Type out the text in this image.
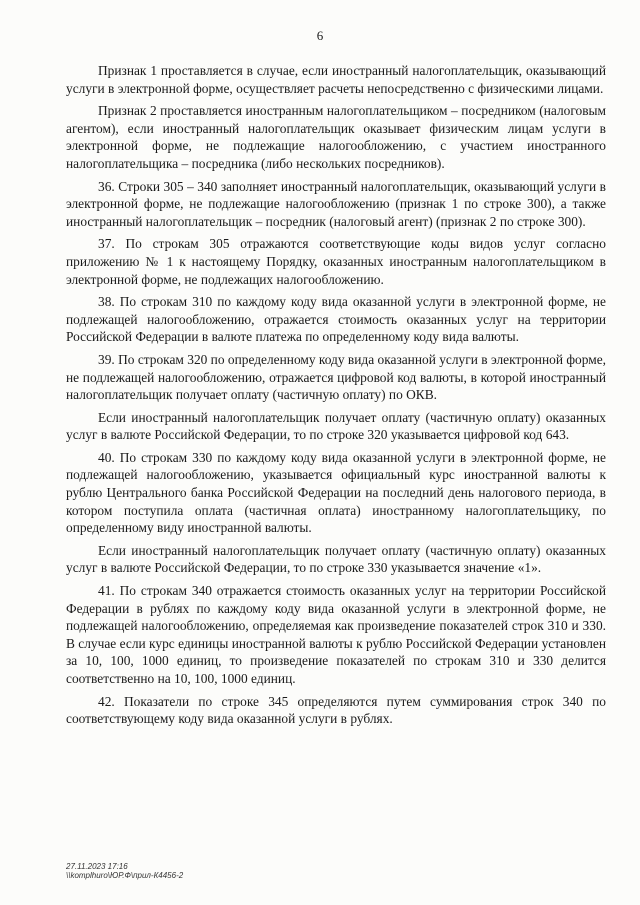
6

Признак 1 проставляется в случае, если иностранный налогоплательщик, оказывающий услуги в электронной форме, осуществляет расчеты непосредственно с физическими лицами.

Признак 2 проставляется иностранным налогоплательщиком – посредником (налоговым агентом), если иностранный налогоплательщик оказывает физическим лицам услуги в электронной форме, не подлежащие налогообложению, с участием иностранного налогоплательщика – посредника (либо нескольких посредников).

36. Строки 305 – 340 заполняет иностранный налогоплательщик, оказывающий услуги в электронной форме, не подлежащие налогообложению (признак 1 по строке 300), а также иностранный налогоплательщик – посредник (налоговый агент) (признак 2 по строке 300).

37. По строкам 305 отражаются соответствующие коды видов услуг согласно приложению № 1 к настоящему Порядку, оказанных иностранным налогоплательщиком в электронной форме, не подлежащих налогообложению.

38. По строкам 310 по каждому коду вида оказанной услуги в электронной форме, не подлежащей налогообложению, отражается стоимость оказанных услуг на территории Российской Федерации в валюте платежа по определенному коду вида валюты.

39. По строкам 320 по определенному коду вида оказанной услуги в электронной форме, не подлежащей налогообложению, отражается цифровой код валюты, в которой иностранный налогоплательщик получает оплату (частичную оплату) по ОКВ.

Если иностранный налогоплательщик получает оплату (частичную оплату) оказанных услуг в валюте Российской Федерации, то по строке 320 указывается цифровой код 643.

40. По строкам 330 по каждому коду вида оказанной услуги в электронной форме, не подлежащей налогообложению, указывается официальный курс иностранной валюты к рублю Центрального банка Российской Федерации на последний день налогового периода, в котором поступила оплата (частичная оплата) иностранному налогоплательщику, по определенному виду иностранной валюты.

Если иностранный налогоплательщик получает оплату (частичную оплату) оказанных услуг в валюте Российской Федерации, то по строке 330 указывается значение «1».

41. По строкам 340 отражается стоимость оказанных услуг на территории Российской Федерации в рублях по каждому коду вида оказанной услуги в электронной форме, не подлежащей налогообложению, определяемая как произведение показателей строк 310 и 330. В случае если курс единицы иностранной валюты к рублю Российской Федерации установлен за 10, 100, 1000 единиц, то произведение показателей по строкам 310 и 330 делится соответственно на 10, 100, 1000 единиц.

42. Показатели по строке 345 определяются путем суммирования строк 340 по соответствующему коду вида оказанной услуги в рублях.

27.11.2023 17:16
\\komplhuro\ЮР.Ф\прил-К4456-2
